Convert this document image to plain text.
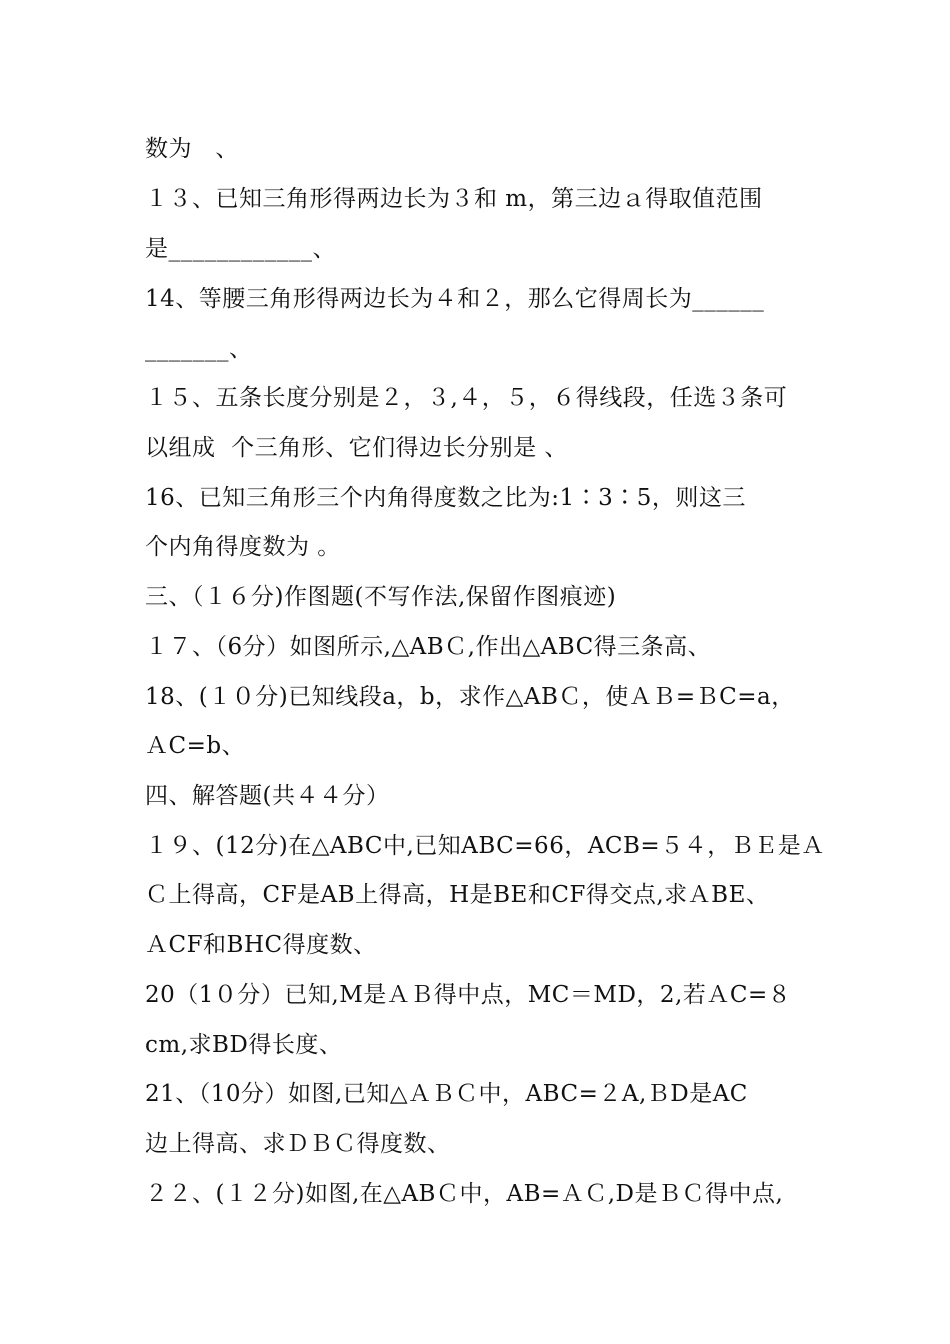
数为   、
１３、已知三角形得两边长为３和 m，第三边ａ得取值范围
是____________、
14、等腰三角形得两边长为４和２，那么它得周长为______
_______、
１５、五条长度分别是２，３,４，５，６得线段，任选３条可
以组成  个三角形、它们得边长分别是 、
16、已知三角形三个内角得度数之比为:1∶3∶5，则这三
个内角得度数为 。
三、（１６分)作图题(不写作法,保留作图痕迹)
１７、（6分）如图所示,△ABＣ,作出△ABC得三条高、
18、(１０分)已知线段a，b，求作△ABＣ，使ＡＢ=ＢC=a，
ＡC=b、
四、解答题(共４４分）
１９、(12分)在△ABC中,已知ABC=66，ACB=５４，ＢＥ是Ａ
Ｃ上得高，CF是AB上得高，H是BE和CF得交点,求ＡBE、
ＡCF和BHC得度数、
20（1０分）已知,M是ＡＢ得中点，MC＝MD，2,若ＡC=８
cm,求BD得长度、
21、（10分）如图,已知△ＡＢＣ中，ABC=２A,ＢD是AC
边上得高、求ＤＢＣ得度数、
２２、(１２分)如图,在△ABＣ中，AB=ＡＣ,D是ＢＣ得中点,
